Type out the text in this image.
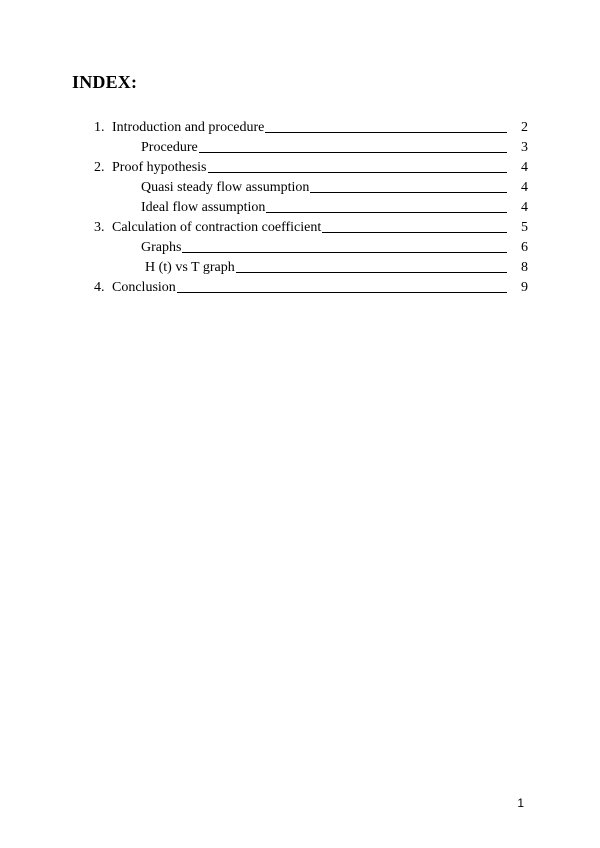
INDEX:
1. Introduction and procedure	2
Procedure	3
2. Proof hypothesis	4
Quasi steady flow assumption	4
Ideal flow assumption	4
3. Calculation of contraction coefficient	5
Graphs	6
H (t) vs T graph	8
4. Conclusion	9
1
